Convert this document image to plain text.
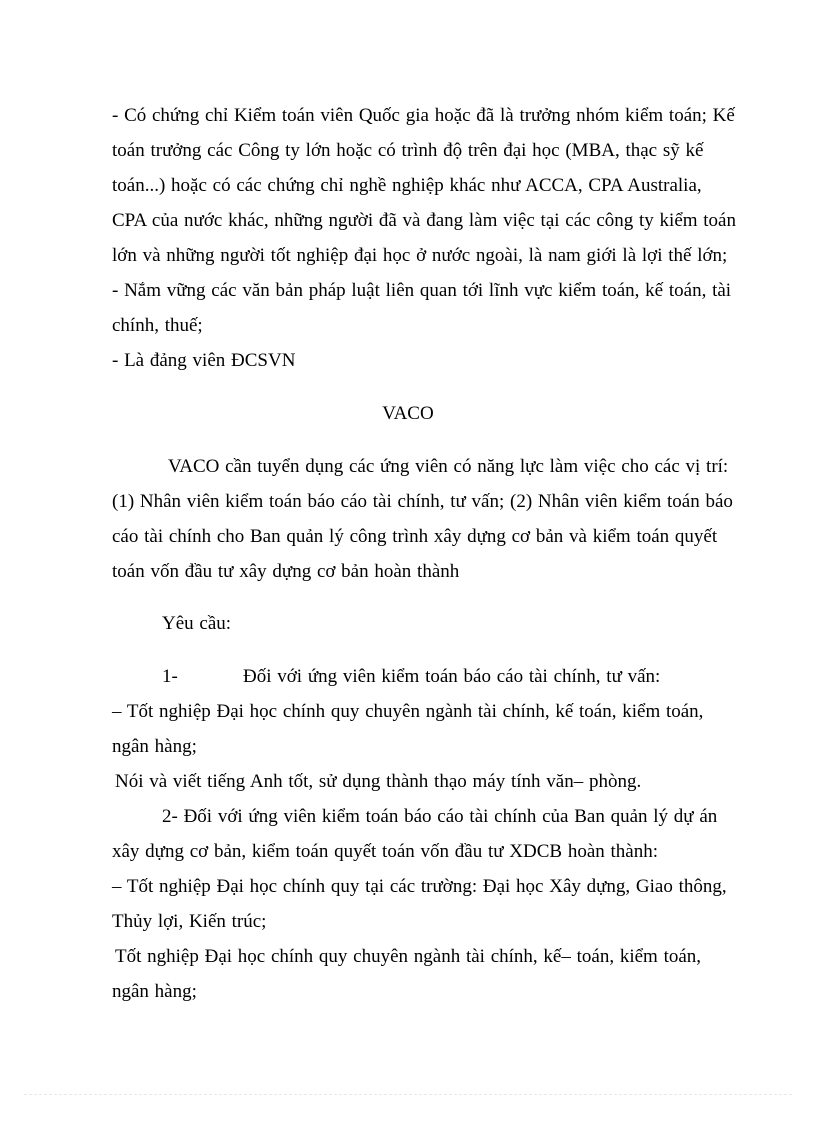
- Có chứng chỉ Kiểm toán viên Quốc gia hoặc đã là trưởng nhóm kiểm toán; Kế
toán trưởng các Công ty lớn hoặc có trình độ trên đại học (MBA, thạc sỹ kế
toán...) hoặc có các chứng chỉ nghề nghiệp khác như ACCA, CPA Australia,
CPA của nước khác, những người đã và đang làm việc tại các công ty kiểm toán
lớn và những người tốt nghiệp đại học ở nước ngoài, là nam giới là lợi thế lớn;
- Nắm vững các văn bản pháp luật liên quan tới lĩnh vực kiểm toán, kế toán, tài
chính, thuế;
- Là đảng viên ĐCSVN
VACO
VACO cần tuyển dụng các ứng viên có năng lực làm việc cho các vị trí:
(1) Nhân viên kiểm toán báo cáo tài chính, tư vấn; (2) Nhân viên kiểm toán báo
cáo tài chính cho Ban quản lý công trình xây dựng cơ bản và kiểm toán quyết
toán vốn đầu tư xây dựng cơ bản hoàn thành
Yêu cầu:
1-	Đối với ứng viên kiểm toán báo cáo tài chính, tư vấn:
– Tốt nghiệp Đại học chính quy chuyên ngành tài chính, kế toán, kiểm toán,
ngân hàng;
Nói và viết tiếng Anh tốt, sử dụng thành thạo máy tính văn– phòng.
2- Đối với ứng viên kiểm toán báo cáo tài chính của Ban quản lý dự án
xây dựng cơ bản, kiểm toán quyết toán vốn đầu tư XDCB hoàn thành:
– Tốt nghiệp Đại học chính quy tại các trường: Đại học Xây dựng, Giao thông,
Thủy lợi, Kiến trúc;
Tốt nghiệp Đại học chính quy chuyên ngành tài chính, kế– toán, kiểm toán,
ngân hàng;
